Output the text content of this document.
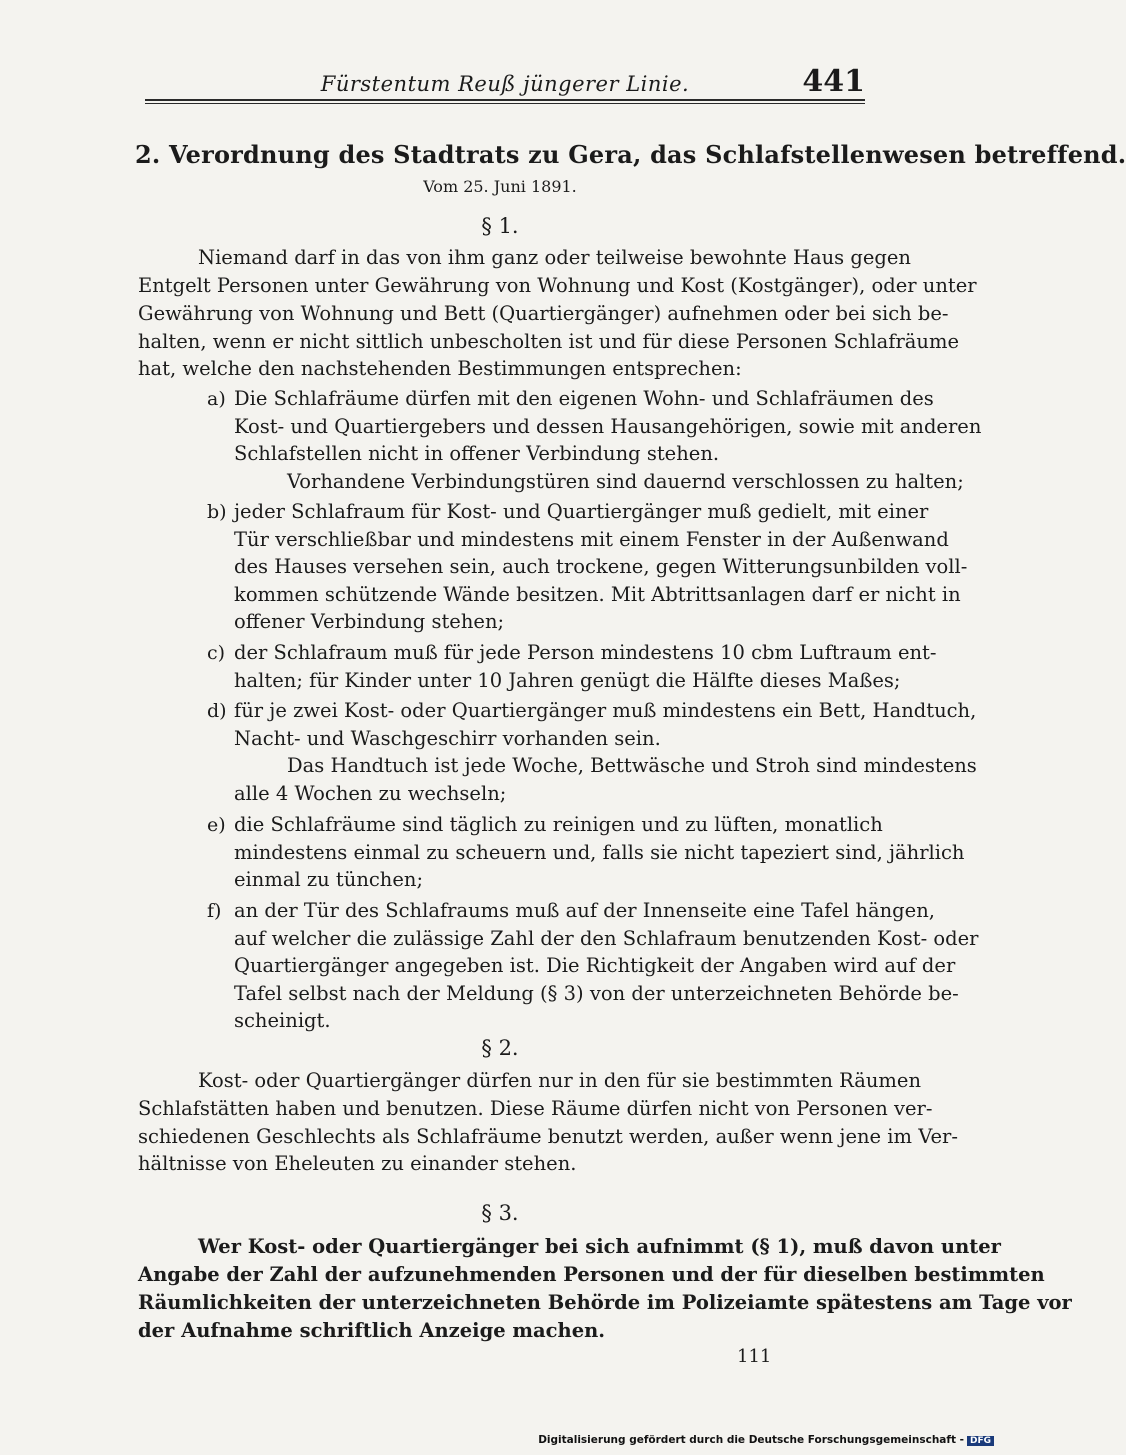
Fürstentum Reuß jüngerer Linie.	441
2. Verordnung des Stadtrats zu Gera, das Schlafstellenwesen betreffend.
Vom 25. Juni 1891.
§ 1.
Niemand darf in das von ihm ganz oder teilweise bewohnte Haus gegen
Entgelt Personen unter Gewährung von Wohnung und Kost (Kostgänger), oder unter
Gewährung von Wohnung und Bett (Quartiergänger) aufnehmen oder bei sich be-
halten, wenn er nicht sittlich unbescholten ist und für diese Personen Schlafräume
hat, welche den nachstehenden Bestimmungen entsprechen:
a) Die Schlafräume dürfen mit den eigenen Wohn- und Schlafräumen des
Kost- und Quartiergebers und dessen Hausangehörigen, sowie mit anderen
Schlafstellen nicht in offener Verbindung stehen.
Vorhandene Verbindungstüren sind dauernd verschlossen zu halten;
b) jeder Schlafraum für Kost- und Quartiergänger muß gedielt, mit einer
Tür verschließbar und mindestens mit einem Fenster in der Außenwand
des Hauses versehen sein, auch trockene, gegen Witterungsunbilden voll-
kommen schützende Wände besitzen. Mit Abtrittsanlagen darf er nicht in
offener Verbindung stehen;
c) der Schlafraum muß für jede Person mindestens 10 cbm Luftraum ent-
halten; für Kinder unter 10 Jahren genügt die Hälfte dieses Maßes;
d) für je zwei Kost- oder Quartiergänger muß mindestens ein Bett, Handtuch,
Nacht- und Waschgeschirr vorhanden sein.
Das Handtuch ist jede Woche, Bettwäsche und Stroh sind mindestens
alle 4 Wochen zu wechseln;
e) die Schlafräume sind täglich zu reinigen und zu lüften, monatlich
mindestens einmal zu scheuern und, falls sie nicht tapeziert sind, jährlich
einmal zu tünchen;
f) an der Tür des Schlafraums muß auf der Innenseite eine Tafel hängen,
auf welcher die zulässige Zahl der den Schlafraum benutzenden Kost- oder
Quartiergänger angegeben ist. Die Richtigkeit der Angaben wird auf der
Tafel selbst nach der Meldung (§ 3) von der unterzeichneten Behörde be-
scheinigt.
§ 2.
Kost- oder Quartiergänger dürfen nur in den für sie bestimmten Räumen
Schlafstätten haben und benutzen. Diese Räume dürfen nicht von Personen ver-
schiedenen Geschlechts als Schlafräume benutzt werden, außer wenn jene im Ver-
hältnisse von Eheleuten zu einander stehen.
§ 3.
Wer Kost- oder Quartiergänger bei sich aufnimmt (§ 1), muß davon unter
Angabe der Zahl der aufzunehmenden Personen und der für dieselben bestimmten
Räumlichkeiten der unterzeichneten Behörde im Polizeiamte spätestens am Tage vor
der Aufnahme schriftlich Anzeige machen.
111
Digitalisierung gefördert durch die Deutsche Forschungsgemeinschaft - DFG
